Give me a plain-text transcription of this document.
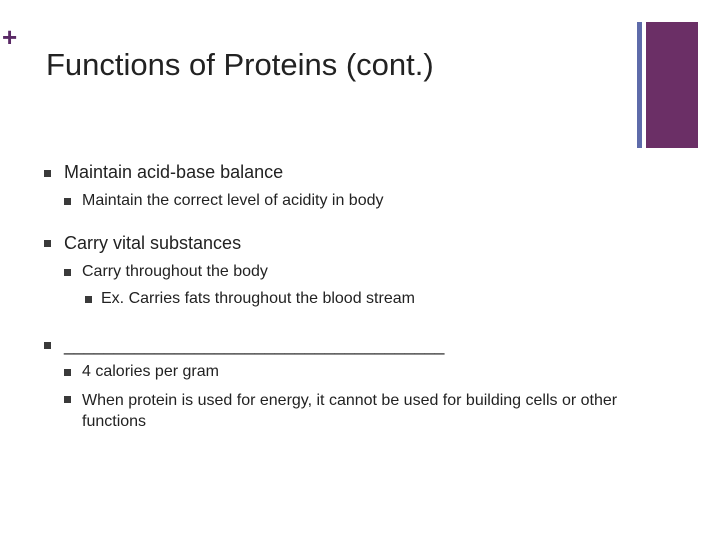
+
Functions of Proteins (cont.)
Maintain acid-base balance
Maintain the correct level of acidity in body
Carry vital substances
Carry throughout the body
Ex. Carries fats throughout the blood stream
______________________________________
4 calories per gram
When protein is used for energy, it cannot be used for building cells or other functions
